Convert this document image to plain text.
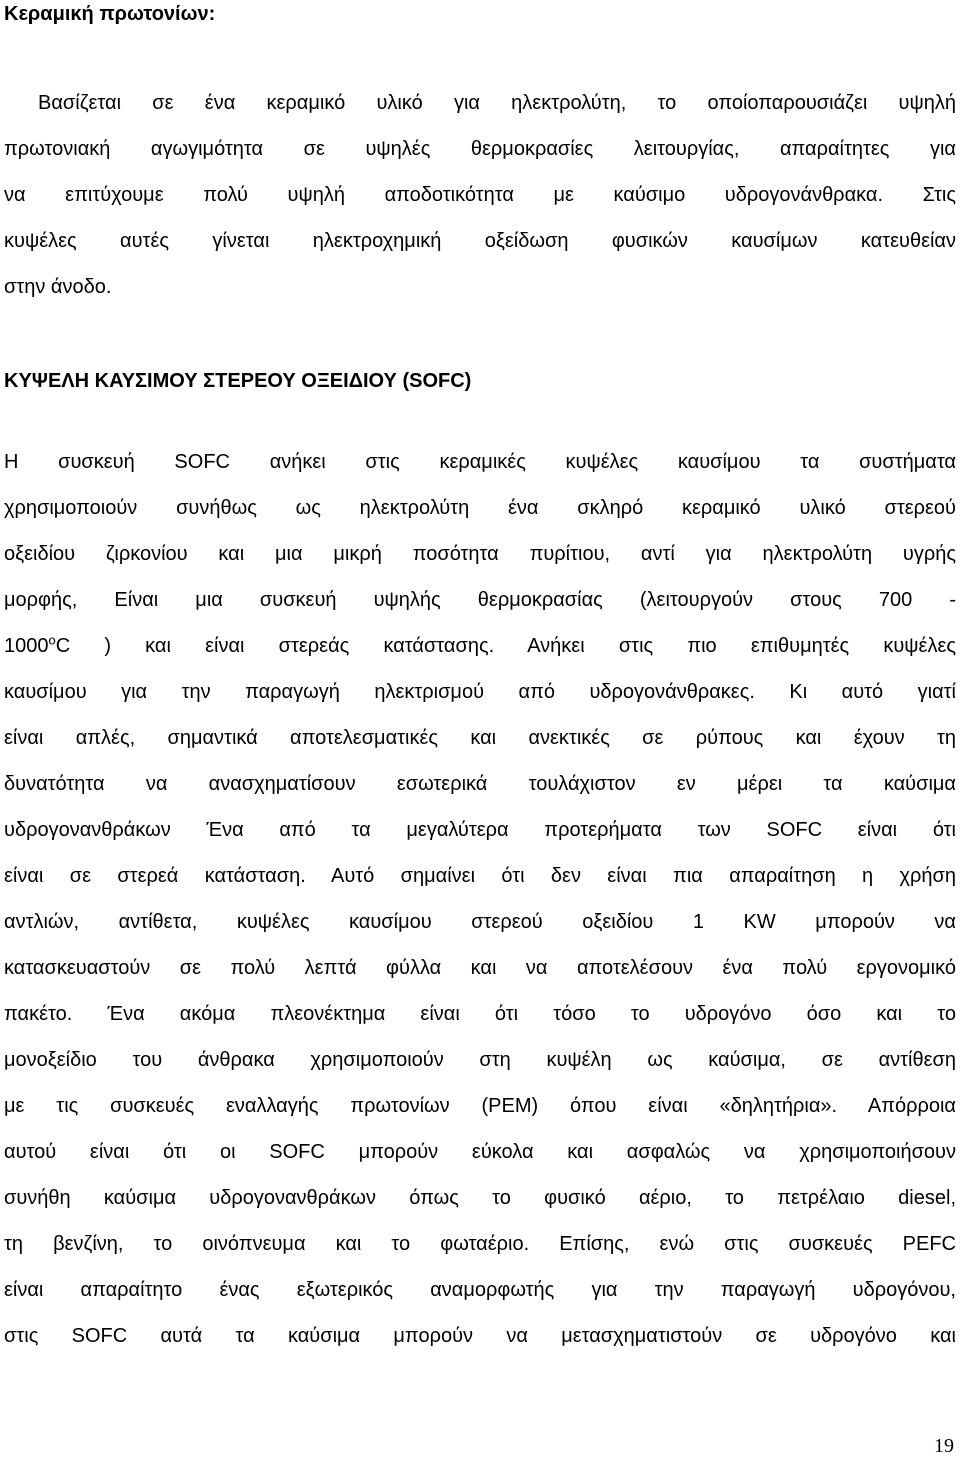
Κεραμική πρωτονίων:
Βασίζεται σε ένα κεραμικό υλικό για ηλεκτρολύτη, το οποίοπαρουσιάζει υψηλή
πρωτονιακή αγωγιμότητα σε υψηλές θερμοκρασίες λειτουργίας, απαραίτητες για
να επιτύχουμε πολύ υψηλή αποδοτικότητα με καύσιμο υδρογονάνθρακα. Στις
κυψέλες αυτές γίνεται ηλεκτροχημική οξείδωση φυσικών καυσίμων κατευθείαν
στην άνοδο.
ΚΥΨΕΛΗ ΚΑΥΣΙΜΟΥ ΣΤΕΡΕΟΥ ΟΞΕΙΔΙΟΥ (SOFC)
Η συσκευή SOFC ανήκει στις κεραμικές κυψέλες καυσίμου τα συστήματα
χρησιμοποιούν συνήθως ως ηλεκτρολύτη ένα σκληρό κεραμικό υλικό στερεού
οξειδίου ζιρκονίου και μια μικρή ποσότητα πυρίτιου, αντί για ηλεκτρολύτη υγρής
μορφής, Είναι μια συσκευή υψηλής θερμοκρασίας (λειτουργούν στους 700 -
1000$^o$C ) και είναι στερεάς κατάστασης. Ανήκει στις πιο επιθυμητές κυψέλες
καυσίμου για την παραγωγή ηλεκτρισμού από υδρογονάνθρακες. Κι αυτό γιατί
είναι απλές, σημαντικά αποτελεσματικές και ανεκτικές σε ρύπους και έχουν τη
δυνατότητα να ανασχηματίσουν εσωτερικά τουλάχιστον εν μέρει τα καύσιμα
υδρογονανθράκων Ένα από τα μεγαλύτερα προτερήματα των SOFC είναι ότι
είναι σε στερεά κατάσταση. Αυτό σημαίνει ότι δεν είναι πια απαραίτηση η χρήση
αντλιών, αντίθετα, κυψέλες καυσίμου στερεού οξειδίου 1 KW μπορούν να
κατασκευαστούν σε πολύ λεπτά φύλλα και να αποτελέσουν ένα πολύ εργονομικό
πακέτο. Ένα ακόμα πλεονέκτημα είναι ότι τόσο το υδρογόνο όσο και το
μονοξείδιο του άνθρακα χρησιμοποιούν στη κυψέλη ως καύσιμα, σε αντίθεση
με τις συσκευές εναλλαγής πρωτονίων (PEM) όπου είναι «δηλητήρια». Απόρροια
αυτού είναι ότι οι SOFC μπορούν εύκολα και ασφαλώς να χρησιμοποιήσουν
συνήθη καύσιμα υδρογονανθράκων όπως το φυσικό αέριο, το πετρέλαιο diesel,
τη βενζίνη, το οινόπνευμα και το φωταέριο. Επίσης, ενώ στις συσκευές PEFC
είναι απαραίτητο ένας εξωτερικός αναμορφωτής για την παραγωγή υδρογόνου,
στις SOFC αυτά τα καύσιμα μπορούν να μετασχηματιστούν σε υδρογόνο και
19
